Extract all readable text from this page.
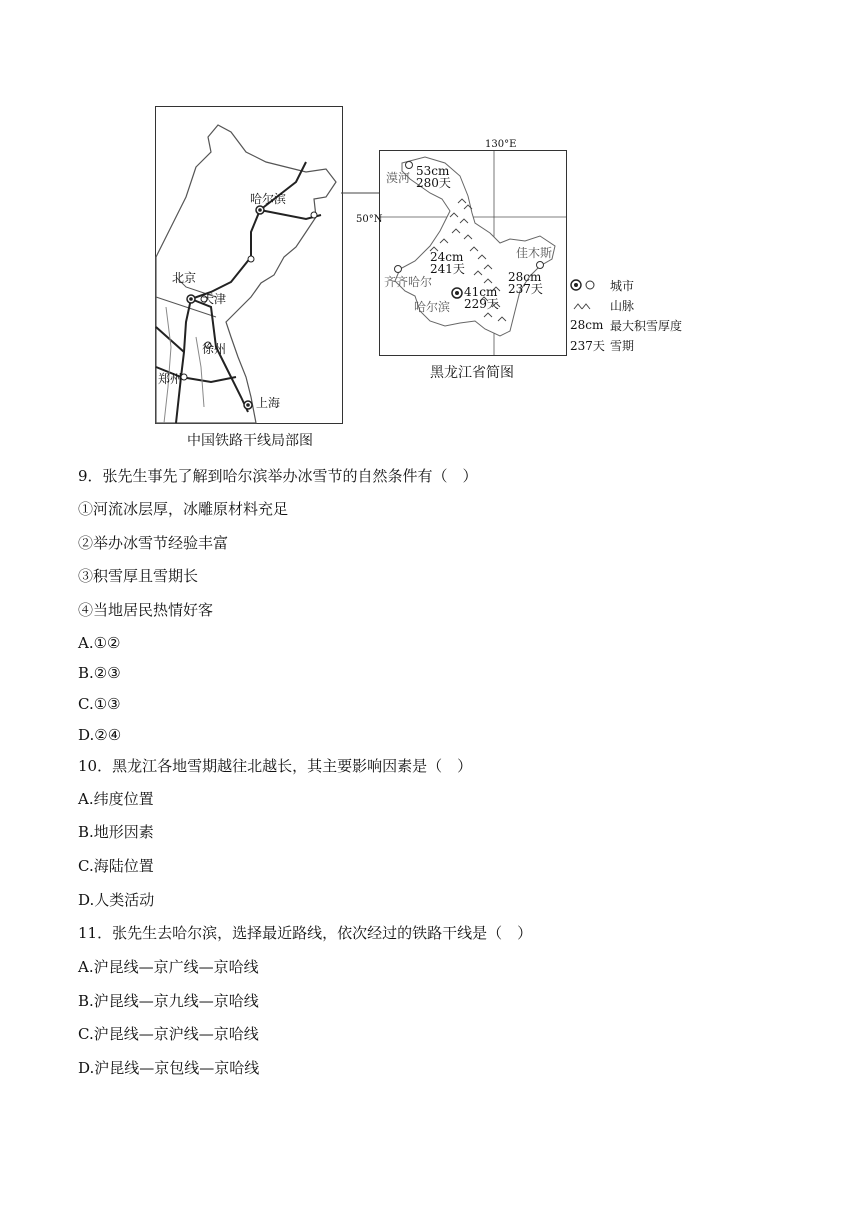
哈尔滨
北京
天津
徐州
郑州
上海
中国铁路干线局部图
130°E
漠河 53cm
280天
24cm
241天
齐齐哈尔
41cm
229天
哈尔滨
佳木斯
28cm
237天
50°N
黑龙江省简图
城市
山脉
28cm 最大积雪厚度
237天 雪期
9．张先生事先了解到哈尔滨举办冰雪节的自然条件有（　）
①河流冰层厚，冰雕原材料充足
②举办冰雪节经验丰富
③积雪厚且雪期长
④当地居民热情好客
A.①②
B.②③
C.①③
D.②④
10．黑龙江各地雪期越往北越长，其主要影响因素是（　）
A.纬度位置
B.地形因素
C.海陆位置
D.人类活动
11．张先生去哈尔滨，选择最近路线，依次经过的铁路干线是（　）
A.沪昆线—京广线—京哈线
B.沪昆线—京九线—京哈线
C.沪昆线—京沪线—京哈线
D.沪昆线—京包线—京哈线
